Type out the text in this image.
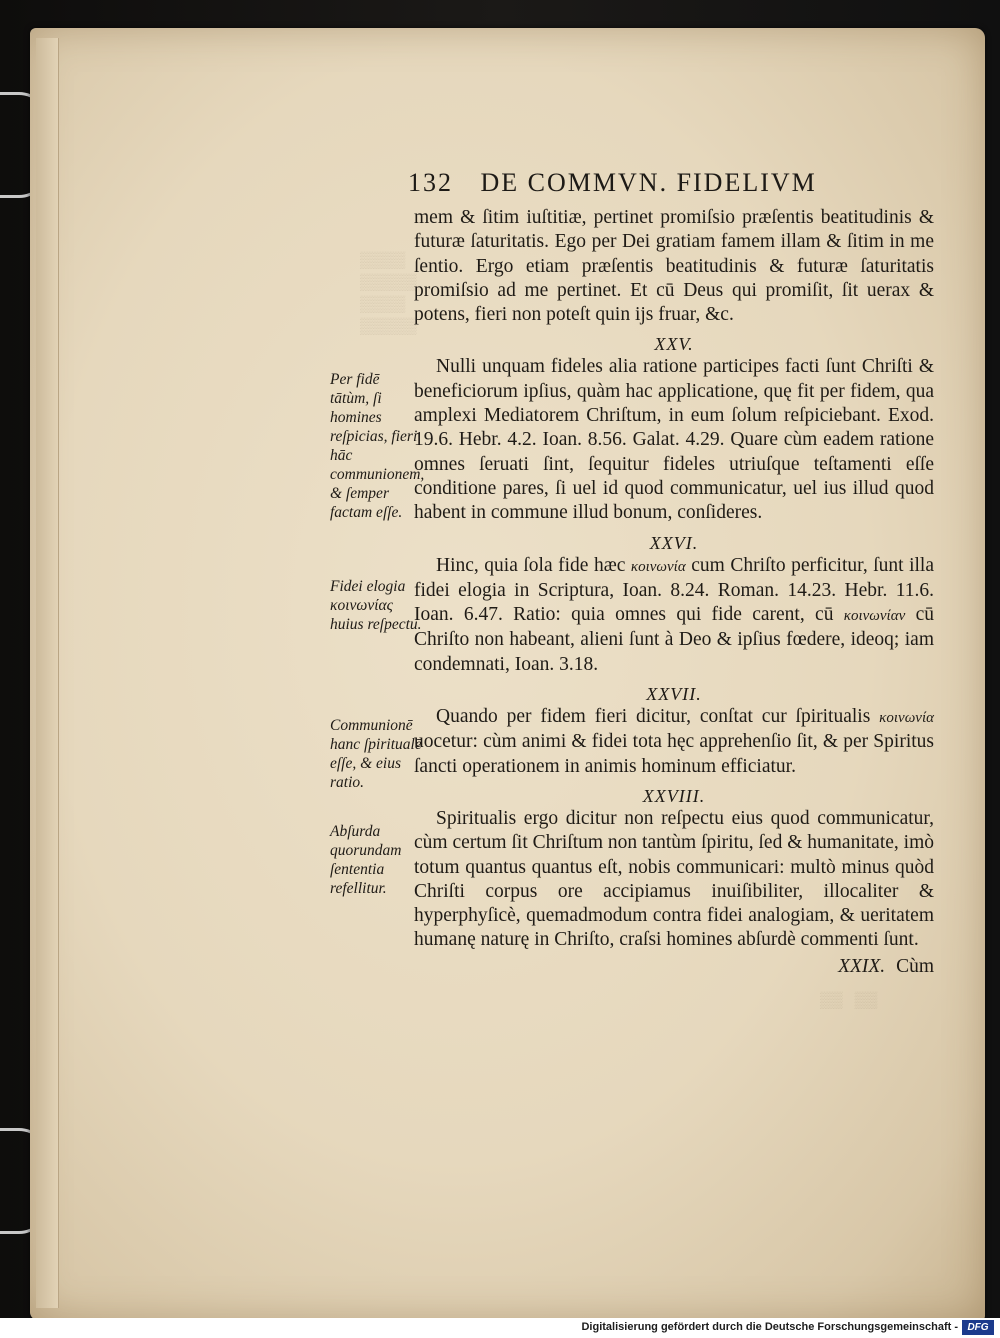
▒▒▒▒
▒▒▒▒▒
▒▒▒▒
▒▒▒▒▒
▒▒   ▒▒
132 DE COMMVN. FIDELIVM

mem & ſitim iuſtitiæ, pertinet promiſsio præſentis beatitudinis & futuræ ſaturitatis. Ego per Dei gratiam famem illam & ſitim in me ſentio. Ergo etiam præſentis beatitudinis & futuræ ſaturitatis promiſsio ad me pertinet. Et cū Deus qui promiſit, ſit uerax & potens, fieri non poteſt quin ijs fruar, &c.

XXV.

Nulli unquam fideles alia ratione participes facti ſunt Chriſti & beneficiorum ipſius, quàm hac applicatione, quę fit per fidem, qua amplexi Mediatorem Chriſtum, in eum ſolum reſpiciebant. Exod. 19.6. Hebr. 4.2. Ioan. 8.56. Galat. 4.29. Quare cùm eadem ratione omnes ſeruati ſint, ſequitur fideles utriuſque teſtamenti eſſe conditione pares, ſi uel id quod communicatur, uel ius illud quod habent in commune illud bonum, conſideres.

XXVI.

Hinc, quia ſola fide hæc κοινωνία cum Chriſto perficitur, ſunt illa fidei elogia in Scriptura, Ioan. 8.24. Roman. 14.23. Hebr. 11.6. Ioan. 6.47. Ratio: quia omnes qui fide carent, cū κοινωνίαν cū Chriſto non habeant, alieni ſunt à Deo & ipſius fœdere, ideoq; iam condemnati, Ioan. 3.18.

XXVII.

Quando per fidem fieri dicitur, conſtat cur ſpiritualis κοινωνία uocetur: cùm animi & fidei tota hęc apprehenſio ſit, & per Spiritus ſancti operationem in animis hominum efficiatur.

XXVIII.

Spiritualis ergo dicitur non reſpectu eius quod communicatur, cùm certum ſit Chriſtum non tantùm ſpiritu, ſed & humanitate, imò totum quantus quantus eſt, nobis communicari: multò minus quòd Chriſti corpus ore accipiamus inuiſibiliter, illocaliter & hyperphyſicè, quemadmodum contra fidei analogiam, & ueritatem humanę naturę in Chriſto, craſsi homines abſurdè commenti ſunt.

XXIX. Cùm
Per fidē tātùm, ſi homines reſpicias, fieri hāc communionem, & ſemper factam eſſe.
Fidei elogia κοινωνίας huius reſpectu.
Communionē hanc ſpiritualē eſſe, & eius ratio.
Abſurda quorundam ſententia refellitur.
Digitalisierung gefördert durch die Deutsche Forschungsgemeinschaft - DFG
